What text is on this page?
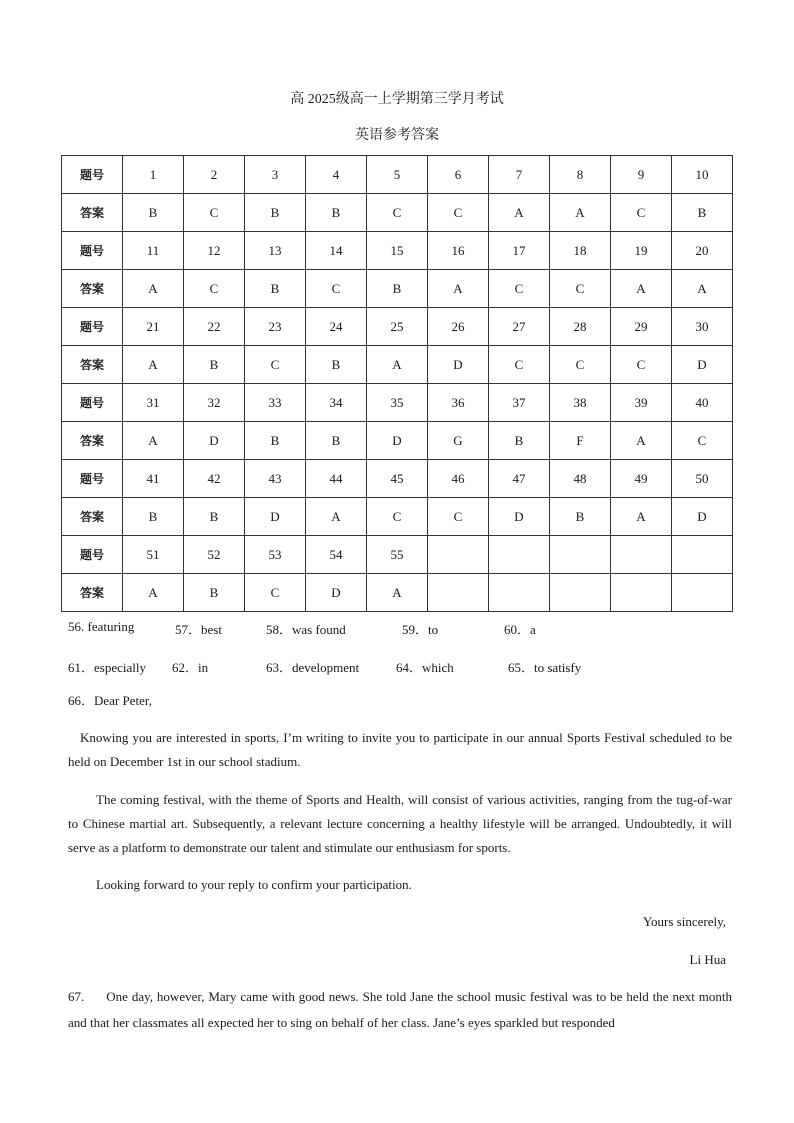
高 2025级高一上学期第三学月考试
英语参考答案
题号	1	2	3	4	5	6	7	8	9	10
答案	B	C	B	B	C	C	A	A	C	B
题号	11	12	13	14	15	16	17	18	19	20
答案	A	C	B	C	B	A	C	C	A	A
题号	21	22	23	24	25	26	27	28	29	30
答案	A	B	C	B	A	D	C	C	C	D
题号	31	32	33	34	35	36	37	38	39	40
答案	A	D	B	B	D	G	B	F	A	C
题号	41	42	43	44	45	46	47	48	49	50
答案	B	B	D	A	C	C	D	B	A	D
题号	51	52	53	54	55					
答案	A	B	C	D	A					
56. featuring	57．best	58．was found	59．to	60．a
61．especially 62．in	63．development	64．which	65．to satisfy
66．Dear Peter,
Knowing you are interested in sports, I’m writing to invite you to participate in our annual Sports Festival scheduled to be held on December 1st in our school stadium.
The coming festival, with the theme of Sports and Health, will consist of various activities, ranging from the tug-of-war to Chinese martial art. Subsequently, a relevant lecture concerning a healthy lifestyle will be arranged. Undoubtedly, it will serve as a platform to demonstrate our talent and stimulate our enthusiasm for sports.
Looking forward to your reply to confirm your participation.
Yours sincerely,
Li Hua
67. One day, however, Mary came with good news. She told Jane the school music festival was to be held the next month and that her classmates all expected her to sing on behalf of her class. Jane’s eyes sparkled but responded
